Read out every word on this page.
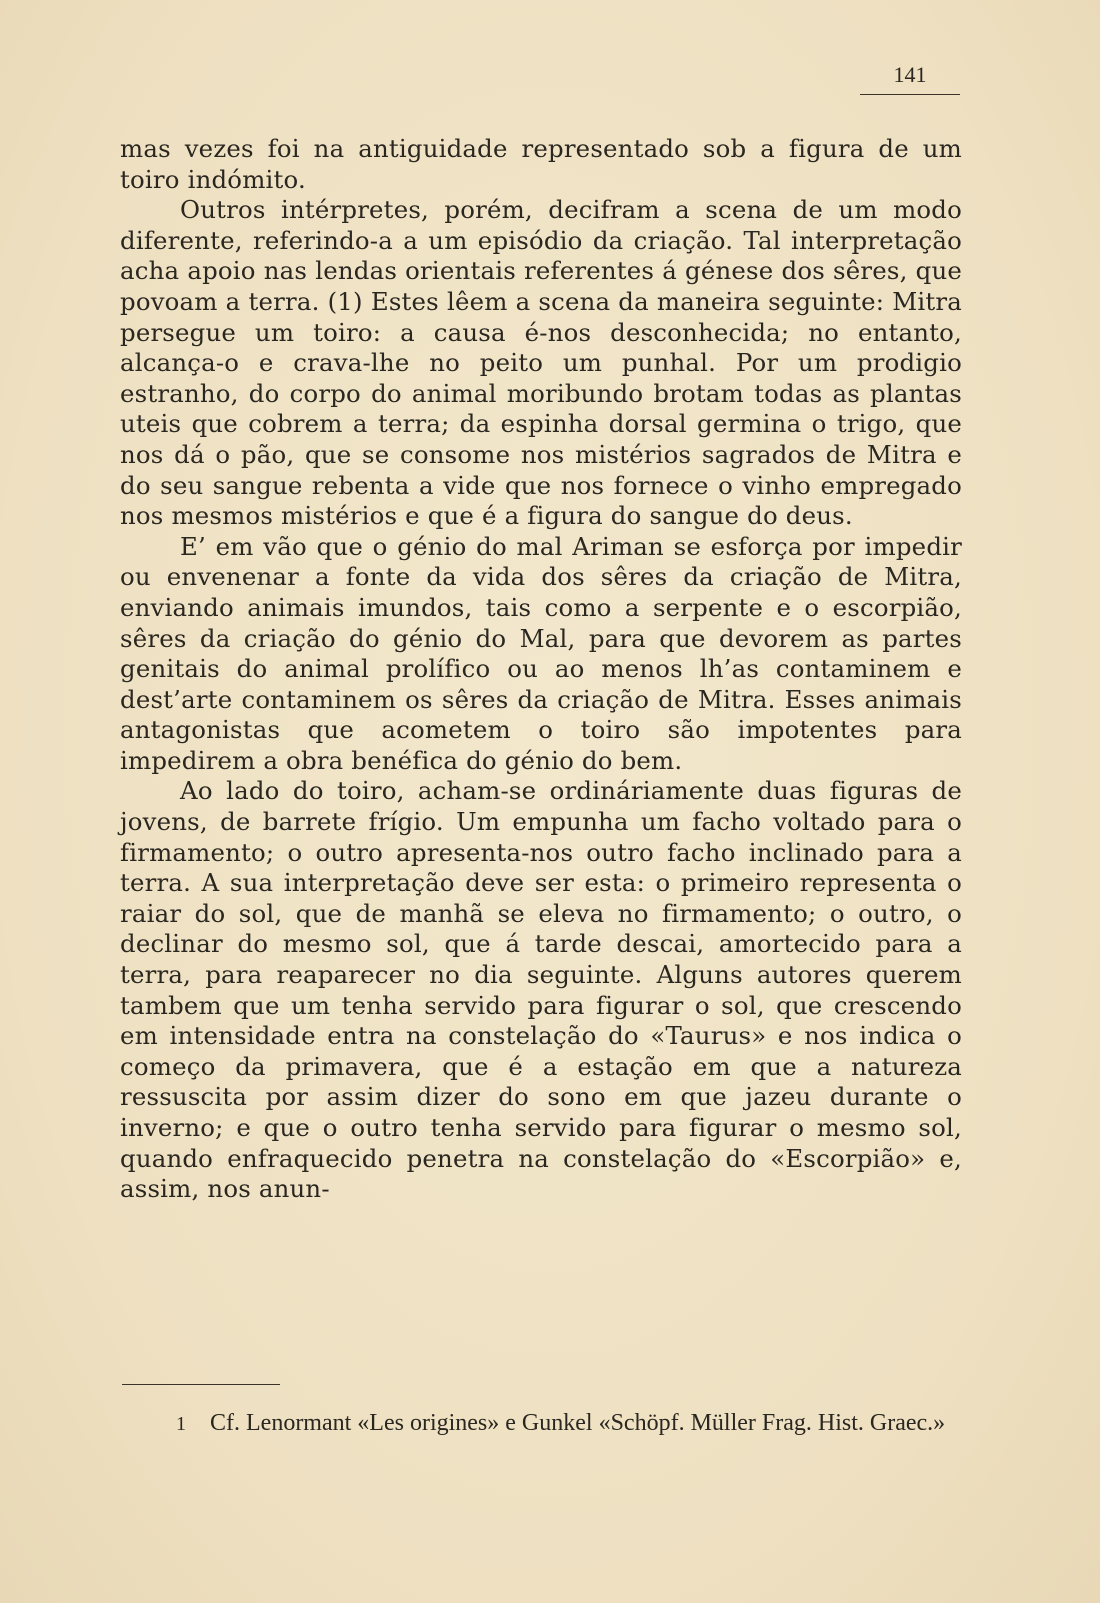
141

mas vezes foi na antiguidade representado sob a figura de um toiro indómito.

Outros intérpretes, porém, decifram a scena de um modo diferente, referindo-a a um episódio da criação. Tal interpretação acha apoio nas lendas orientais referentes á génese dos sêres, que povoam a terra. (1) Estes lêem a scena da maneira seguinte: Mitra persegue um toiro: a causa é-nos desconhecida; no entanto, alcança-o e crava-lhe no peito um punhal. Por um prodigio estranho, do corpo do animal moribundo brotam todas as plantas uteis que cobrem a terra; da espinha dorsal germina o trigo, que nos dá o pão, que se consome nos mistérios sagrados de Mitra e do seu sangue rebenta a vide que nos fornece o vinho empregado nos mesmos mistérios e que é a figura do sangue do deus.

E’ em vão que o génio do mal Ariman se esforça por impedir ou envenenar a fonte da vida dos sêres da criação de Mitra, enviando animais imundos, tais como a serpente e o escorpião, sêres da criação do génio do Mal, para que devorem as partes genitais do animal prolífico ou ao menos lh’as contaminem e dest’arte contaminem os sêres da criação de Mitra. Esses animais antagonistas que acometem o toiro são impotentes para impedirem a obra benéfica do génio do bem.

Ao lado do toiro, acham-se ordináriamente duas figuras de jovens, de barrete frígio. Um empunha um facho voltado para o firmamento; o outro apresenta-nos outro facho inclinado para a terra. A sua interpretação deve ser esta: o primeiro representa o raiar do sol, que de manhã se eleva no firmamento; o outro, o declinar do mesmo sol, que á tarde descai, amortecido para a terra, para reaparecer no dia seguinte. Alguns autores querem tambem que um tenha servido para figurar o sol, que crescendo em intensidade entra na constelação do «Taurus» e nos indica o começo da primavera, que é a estação em que a natureza ressuscita por assim dizer do sono em que jazeu durante o inverno; e que o outro tenha servido para figurar o mesmo sol, quando enfraquecido penetra na constelação do «Escorpião» e, assim, nos anun-

1 Cf. Lenormant «Les origines» e Gunkel «Schöpf. Müller Frag. Hist. Graec.»
